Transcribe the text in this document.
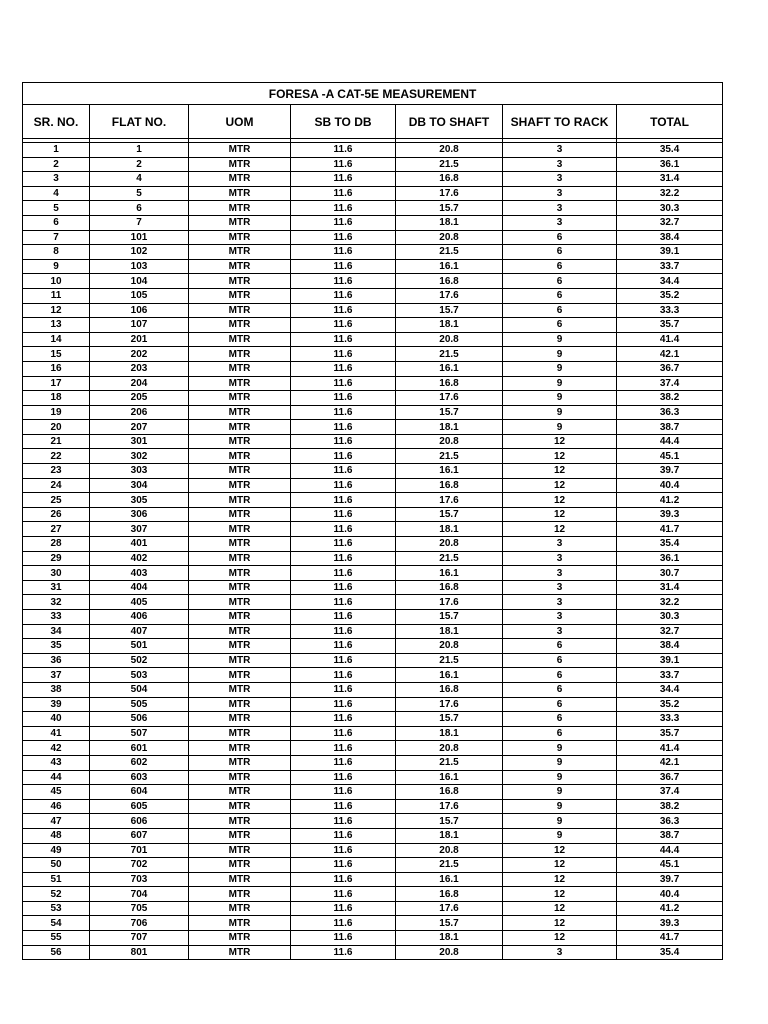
FORESA -A CAT-5E MEASUREMENT						
SR. NO.	FLAT NO.	UOM	SB TO DB	DB TO SHAFT	SHAFT TO RACK	TOTAL

1	1	MTR	11.6	20.8	3	35.4
2	2	MTR	11.6	21.5	3	36.1
3	4	MTR	11.6	16.8	3	31.4
4	5	MTR	11.6	17.6	3	32.2
5	6	MTR	11.6	15.7	3	30.3
6	7	MTR	11.6	18.1	3	32.7
7	101	MTR	11.6	20.8	6	38.4
8	102	MTR	11.6	21.5	6	39.1
9	103	MTR	11.6	16.1	6	33.7
10	104	MTR	11.6	16.8	6	34.4
11	105	MTR	11.6	17.6	6	35.2
12	106	MTR	11.6	15.7	6	33.3
13	107	MTR	11.6	18.1	6	35.7
14	201	MTR	11.6	20.8	9	41.4
15	202	MTR	11.6	21.5	9	42.1
16	203	MTR	11.6	16.1	9	36.7
17	204	MTR	11.6	16.8	9	37.4
18	205	MTR	11.6	17.6	9	38.2
19	206	MTR	11.6	15.7	9	36.3
20	207	MTR	11.6	18.1	9	38.7
21	301	MTR	11.6	20.8	12	44.4
22	302	MTR	11.6	21.5	12	45.1
23	303	MTR	11.6	16.1	12	39.7
24	304	MTR	11.6	16.8	12	40.4
25	305	MTR	11.6	17.6	12	41.2
26	306	MTR	11.6	15.7	12	39.3
27	307	MTR	11.6	18.1	12	41.7
28	401	MTR	11.6	20.8	3	35.4
29	402	MTR	11.6	21.5	3	36.1
30	403	MTR	11.6	16.1	3	30.7
31	404	MTR	11.6	16.8	3	31.4
32	405	MTR	11.6	17.6	3	32.2
33	406	MTR	11.6	15.7	3	30.3
34	407	MTR	11.6	18.1	3	32.7
35	501	MTR	11.6	20.8	6	38.4
36	502	MTR	11.6	21.5	6	39.1
37	503	MTR	11.6	16.1	6	33.7
38	504	MTR	11.6	16.8	6	34.4
39	505	MTR	11.6	17.6	6	35.2
40	506	MTR	11.6	15.7	6	33.3
41	507	MTR	11.6	18.1	6	35.7
42	601	MTR	11.6	20.8	9	41.4
43	602	MTR	11.6	21.5	9	42.1
44	603	MTR	11.6	16.1	9	36.7
45	604	MTR	11.6	16.8	9	37.4
46	605	MTR	11.6	17.6	9	38.2
47	606	MTR	11.6	15.7	9	36.3
48	607	MTR	11.6	18.1	9	38.7
49	701	MTR	11.6	20.8	12	44.4
50	702	MTR	11.6	21.5	12	45.1
51	703	MTR	11.6	16.1	12	39.7
52	704	MTR	11.6	16.8	12	40.4
53	705	MTR	11.6	17.6	12	41.2
54	706	MTR	11.6	15.7	12	39.3
55	707	MTR	11.6	18.1	12	41.7
56	801	MTR	11.6	20.8	3	35.4
